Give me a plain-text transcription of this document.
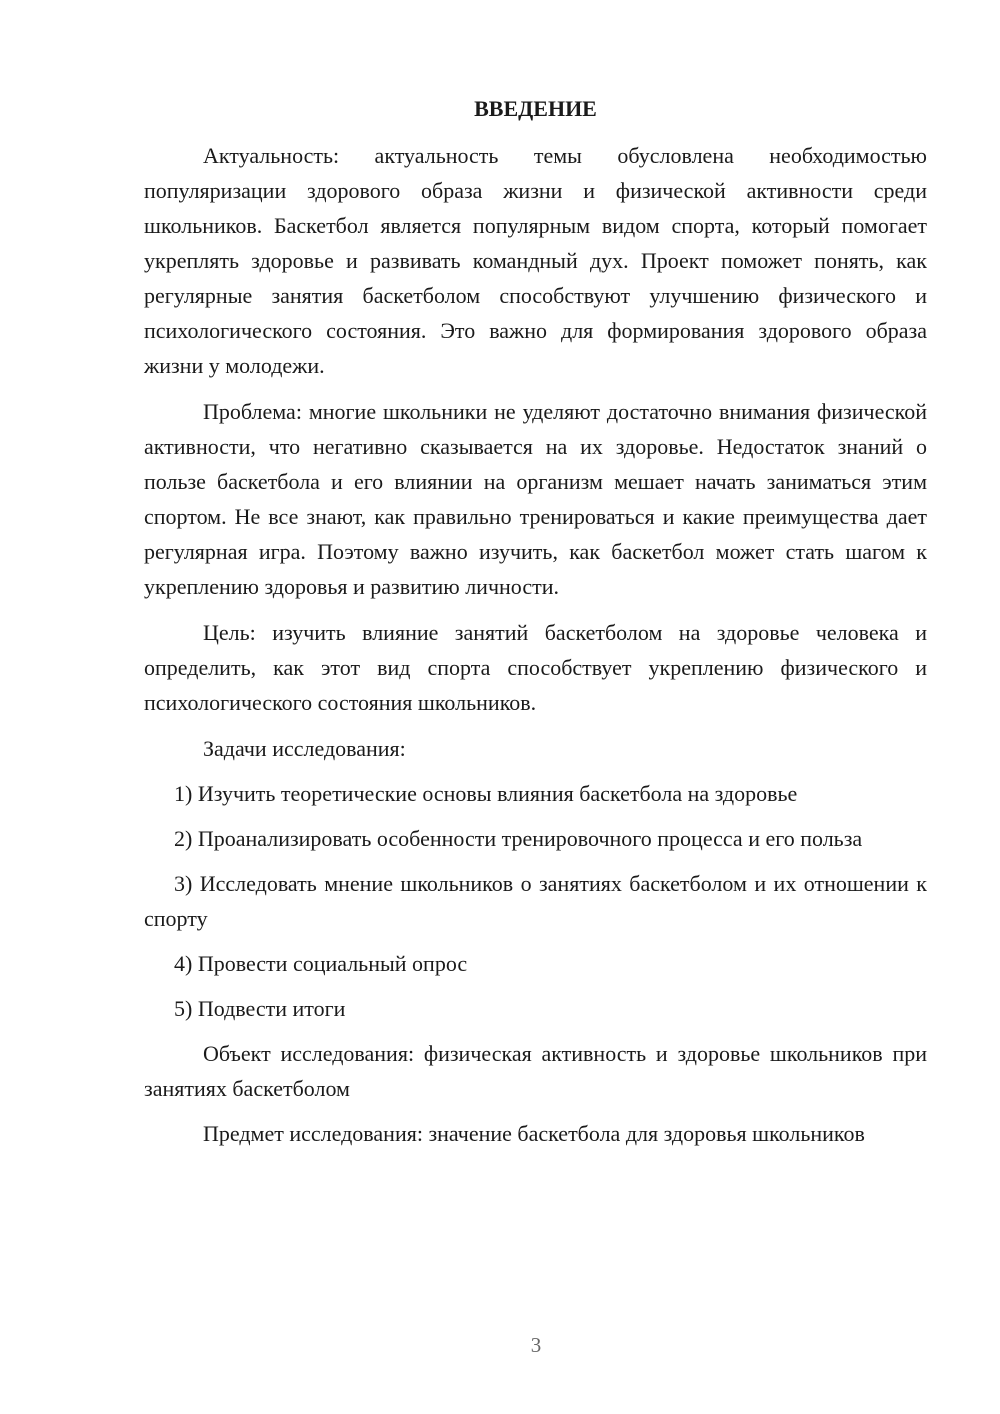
ВВЕДЕНИЕ

Актуальность: актуальность темы обусловлена необходимостью популяризации здорового образа жизни и физической активности среди школьников. Баскетбол является популярным видом спорта, который помогает укреплять здоровье и развивать командный дух. Проект поможет понять, как регулярные занятия баскетболом способствуют улучшению физического и психологического состояния. Это важно для формирования здорового образа жизни у молодежи.

Проблема: многие школьники не уделяют достаточно внимания физической активности, что негативно сказывается на их здоровье. Недостаток знаний о пользе баскетбола и его влиянии на организм мешает начать заниматься этим спортом. Не все знают, как правильно тренироваться и какие преимущества дает регулярная игра. Поэтому важно изучить, как баскетбол может стать шагом к укреплению здоровья и развитию личности.

Цель: изучить влияние занятий баскетболом на здоровье человека и определить, как этот вид спорта способствует укреплению физического и психологического состояния школьников.

Задачи исследования:

1) Изучить теоретические основы влияния баскетбола на здоровье

2) Проанализировать особенности тренировочного процесса и его польза

3) Исследовать мнение школьников о занятиях баскетболом и их отношении к спорту

4) Провести социальный опрос

5) Подвести итоги

Объект исследования: физическая активность и здоровье школьников при занятиях баскетболом

Предмет исследования: значение баскетбола для здоровья школьников

3
